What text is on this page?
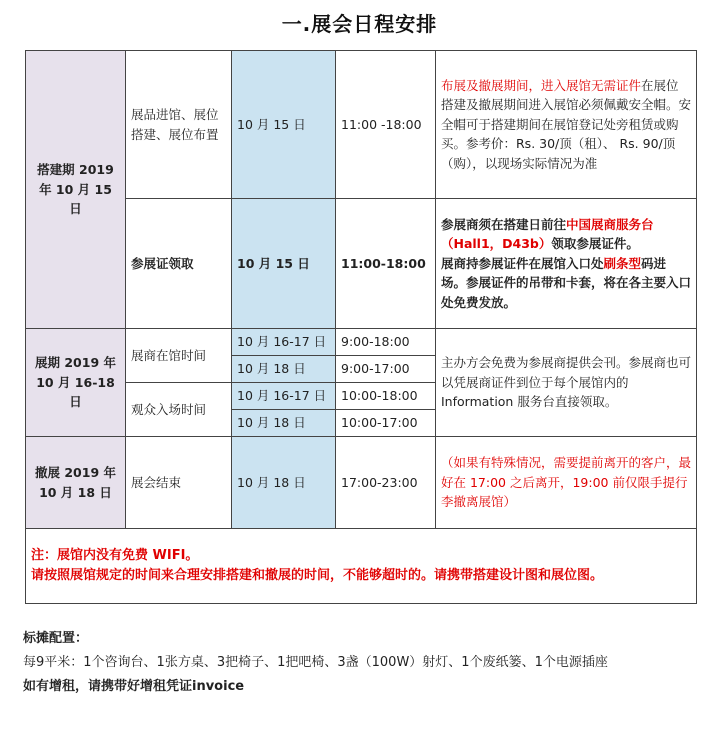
一.展会日程安排
搭建期 2019 年 10 月 15 日	展品进馆、展位搭建、展位布置	10 月 15 日	11:00 -18:00	布展及撤展期间，进入展馆无需证件在展位搭建及撤展期间进入展馆必须佩戴安全帽。安全帽可于搭建期间在展馆登记处旁租赁或购买。参考价：Rs. 30/顶（租）、 Rs. 90/顶（购），以现场实际情况为准
	参展证领取	10 月 15 日	11:00-18:00	参展商须在搭建日前往中国展商服务台（Hall1，D43b）领取参展证件。
展商持参展证件在展馆入口处刷条型码进场。参展证件的吊带和卡套，将在各主要入口处免费发放。
展期 2019 年 10 月 16-18 日	展商在馆时间	10 月 16-17 日	9:00-18:00	主办方会免费为参展商提供会刊。参展商也可以凭展商证件到位于每个展馆内的 Information 服务台直接领取。
		10 月 18 日	9:00-17:00	
	观众入场时间	10 月 16-17 日	10:00-18:00	
		10 月 18 日	10:00-17:00	
撤展 2019 年 10 月 18 日	展会结束	10 月 18 日	17:00-23:00	（如果有特殊情况，需要提前离开的客户，最好在 17:00 之后离开，19:00 前仅限手提行李撤离展馆）

注：展馆内没有免费 WIFI。
请按照展馆规定的时间来合理安排搭建和撤展的时间，不能够超时的。请携带搭建设计图和展位图。				
标摊配置：
每9平米：1个咨询台、1张方桌、3把椅子、1把吧椅、3盏（100W）射灯、1个废纸篓、1个电源插座
如有增租，请携带好增租凭证invoice
